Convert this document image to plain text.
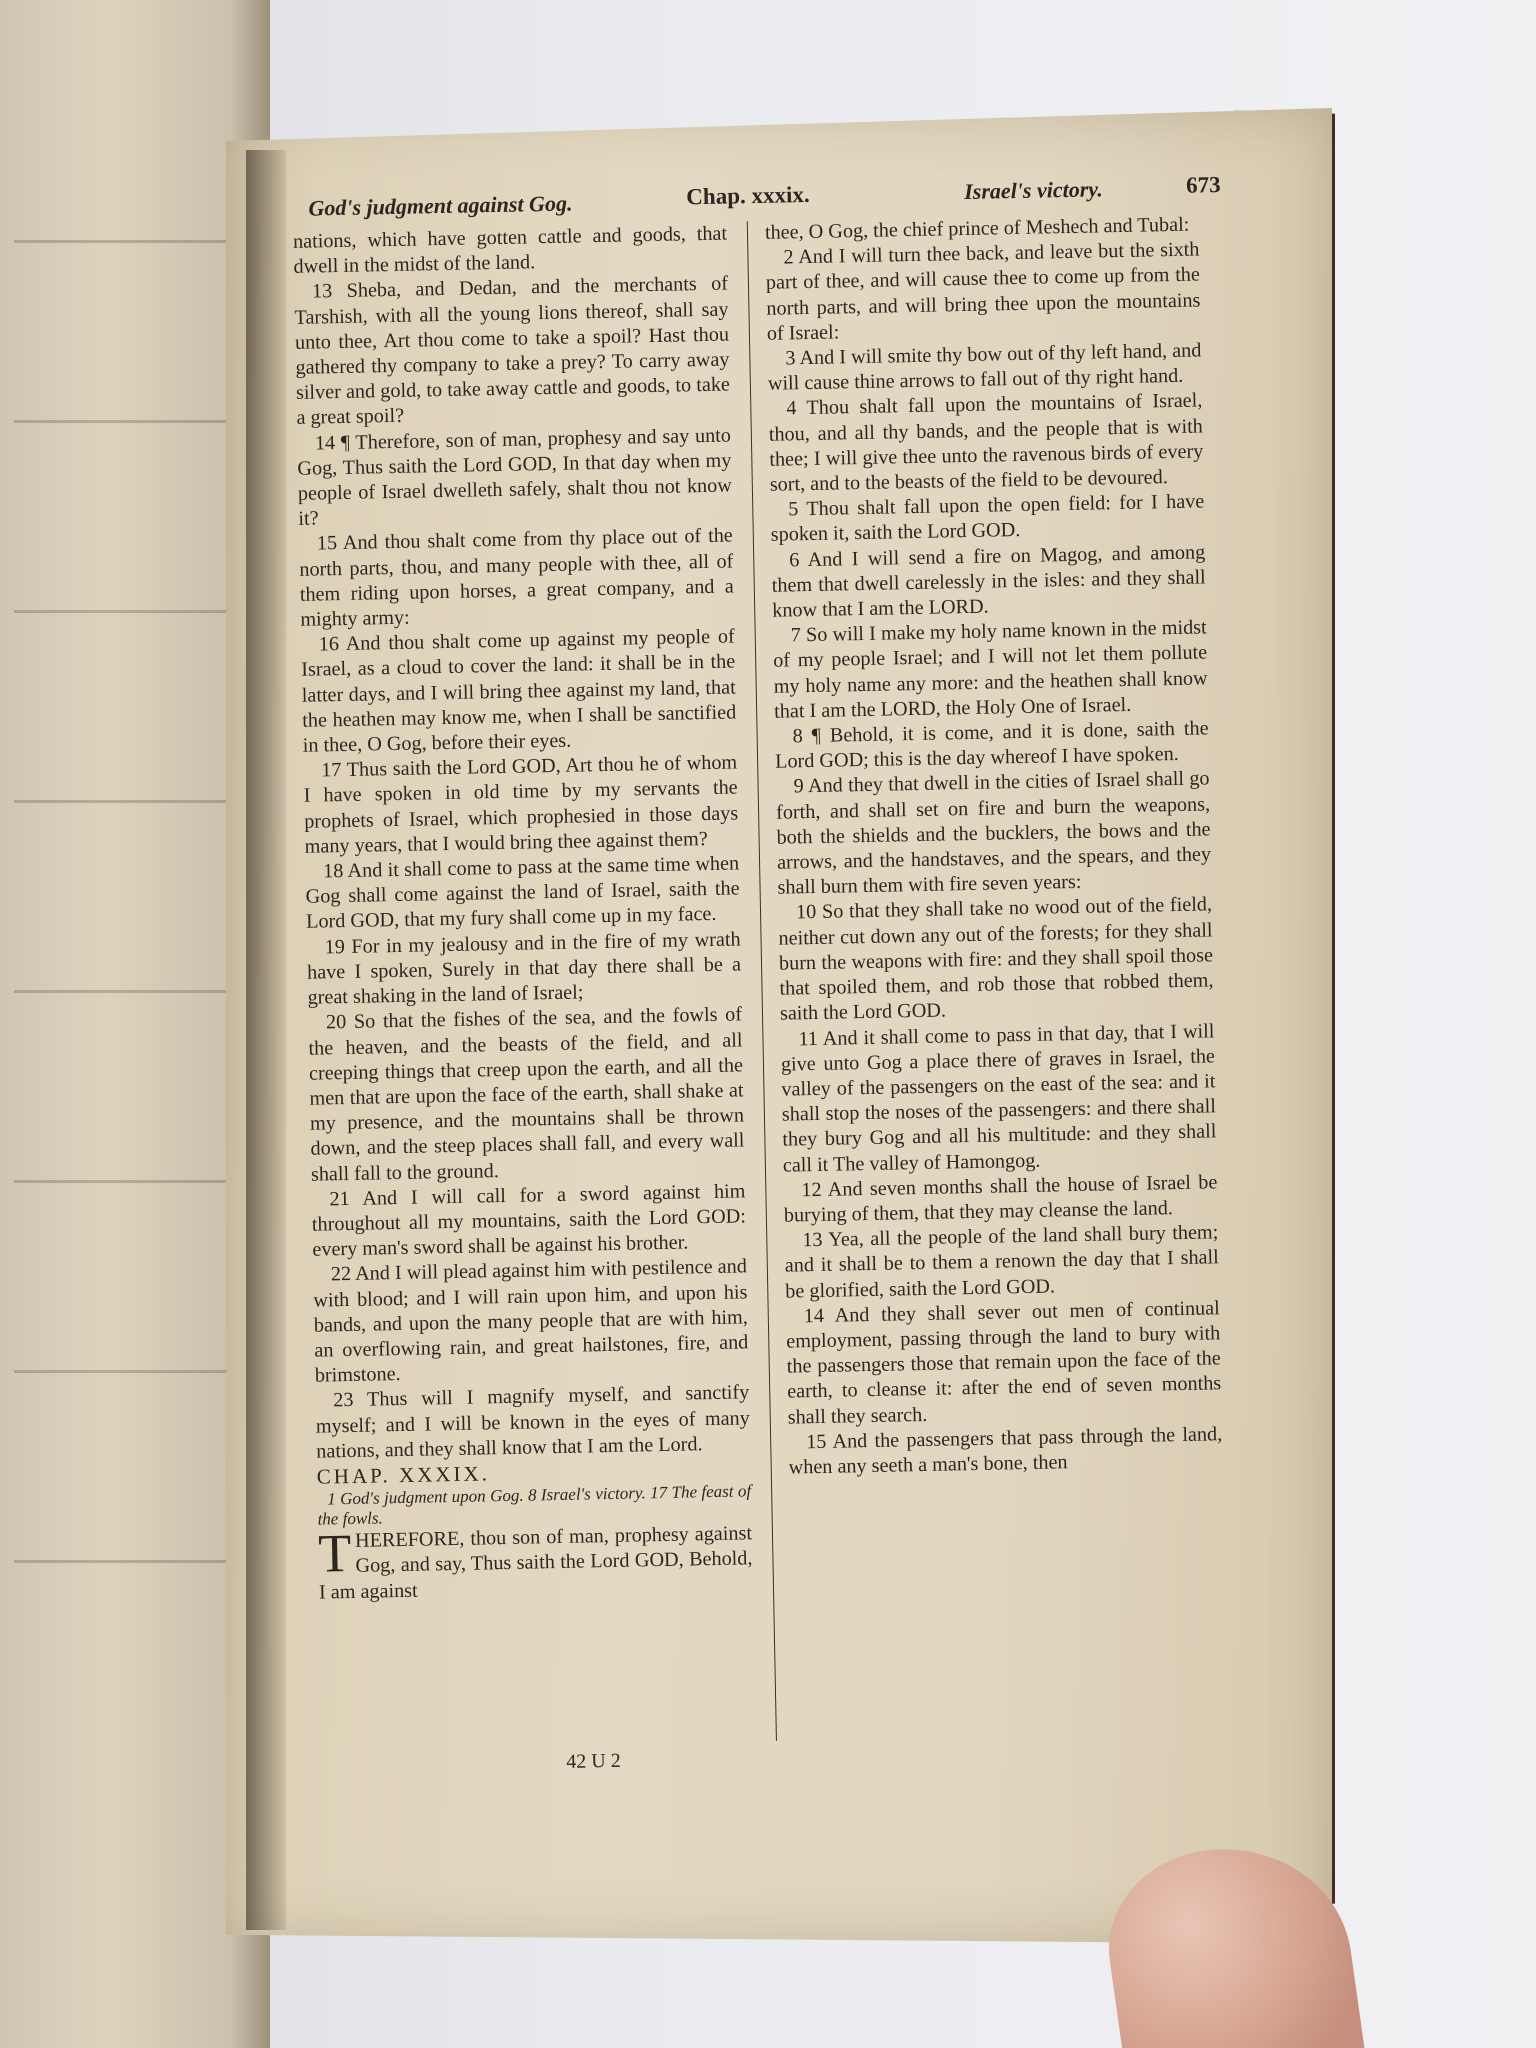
God's judgment against Gog.	Chap. xxxix.	Israel's victory.	673

nations, which have gotten cattle and goods, that dwell in the midst of the land.

13 Sheba, and Dedan, and the merchants of Tarshish, with all the young lions thereof, shall say unto thee, Art thou come to take a spoil? Hast thou gathered thy company to take a prey? To carry away silver and gold, to take away cattle and goods, to take a great spoil?

14 ¶ Therefore, son of man, prophesy and say unto Gog, Thus saith the Lord GOD, In that day when my people of Israel dwelleth safely, shalt thou not know it?

15 And thou shalt come from thy place out of the north parts, thou, and many people with thee, all of them riding upon horses, a great company, and a mighty army:

16 And thou shalt come up against my people of Israel, as a cloud to cover the land: it shall be in the latter days, and I will bring thee against my land, that the heathen may know me, when I shall be sanctified in thee, O Gog, before their eyes.

17 Thus saith the Lord GOD, Art thou he of whom I have spoken in old time by my servants the prophets of Israel, which prophesied in those days many years, that I would bring thee against them?

18 And it shall come to pass at the same time when Gog shall come against the land of Israel, saith the Lord GOD, that my fury shall come up in my face.

19 For in my jealousy and in the fire of my wrath have I spoken, Surely in that day there shall be a great shaking in the land of Israel;

20 So that the fishes of the sea, and the fowls of the heaven, and the beasts of the field, and all creeping things that creep upon the earth, and all the men that are upon the face of the earth, shall shake at my presence, and the mountains shall be thrown down, and the steep places shall fall, and every wall shall fall to the ground.

21 And I will call for a sword against him throughout all my mountains, saith the Lord GOD: every man's sword shall be against his brother.

22 And I will plead against him with pestilence and with blood; and I will rain upon him, and upon his bands, and upon the many people that are with him, an overflowing rain, and great hailstones, fire, and brimstone.

23 Thus will I magnify myself, and sanctify myself; and I will be known in the eyes of many nations, and they shall know that I am the Lord.

CHAP. XXXIX.

1 God's judgment upon Gog. 8 Israel's victory. 17 The feast of the fowls.

THEREFORE, thou son of man, prophesy against Gog, and say, Thus saith the Lord GOD, Behold, I am against

thee, O Gog, the chief prince of Meshech and Tubal:

2 And I will turn thee back, and leave but the sixth part of thee, and will cause thee to come up from the north parts, and will bring thee upon the mountains of Israel:

3 And I will smite thy bow out of thy left hand, and will cause thine arrows to fall out of thy right hand.

4 Thou shalt fall upon the mountains of Israel, thou, and all thy bands, and the people that is with thee; I will give thee unto the ravenous birds of every sort, and to the beasts of the field to be devoured.

5 Thou shalt fall upon the open field: for I have spoken it, saith the Lord GOD.

6 And I will send a fire on Magog, and among them that dwell carelessly in the isles: and they shall know that I am the LORD.

7 So will I make my holy name known in the midst of my people Israel; and I will not let them pollute my holy name any more: and the heathen shall know that I am the LORD, the Holy One of Israel.

8 ¶ Behold, it is come, and it is done, saith the Lord GOD; this is the day whereof I have spoken.

9 And they that dwell in the cities of Israel shall go forth, and shall set on fire and burn the weapons, both the shields and the bucklers, the bows and the arrows, and the handstaves, and the spears, and they shall burn them with fire seven years:

10 So that they shall take no wood out of the field, neither cut down any out of the forests; for they shall burn the weapons with fire: and they shall spoil those that spoiled them, and rob those that robbed them, saith the Lord GOD.

11 And it shall come to pass in that day, that I will give unto Gog a place there of graves in Israel, the valley of the passengers on the east of the sea: and it shall stop the noses of the passengers: and there shall they bury Gog and all his multitude: and they shall call it The valley of Hamongog.

12 And seven months shall the house of Israel be burying of them, that they may cleanse the land.

13 Yea, all the people of the land shall bury them; and it shall be to them a renown the day that I shall be glorified, saith the Lord GOD.

14 And they shall sever out men of continual employment, passing through the land to bury with the passengers those that remain upon the face of the earth, to cleanse it: after the end of seven months shall they search.

15 And the passengers that pass through the land, when any seeth a man's bone, then

42 U 2
